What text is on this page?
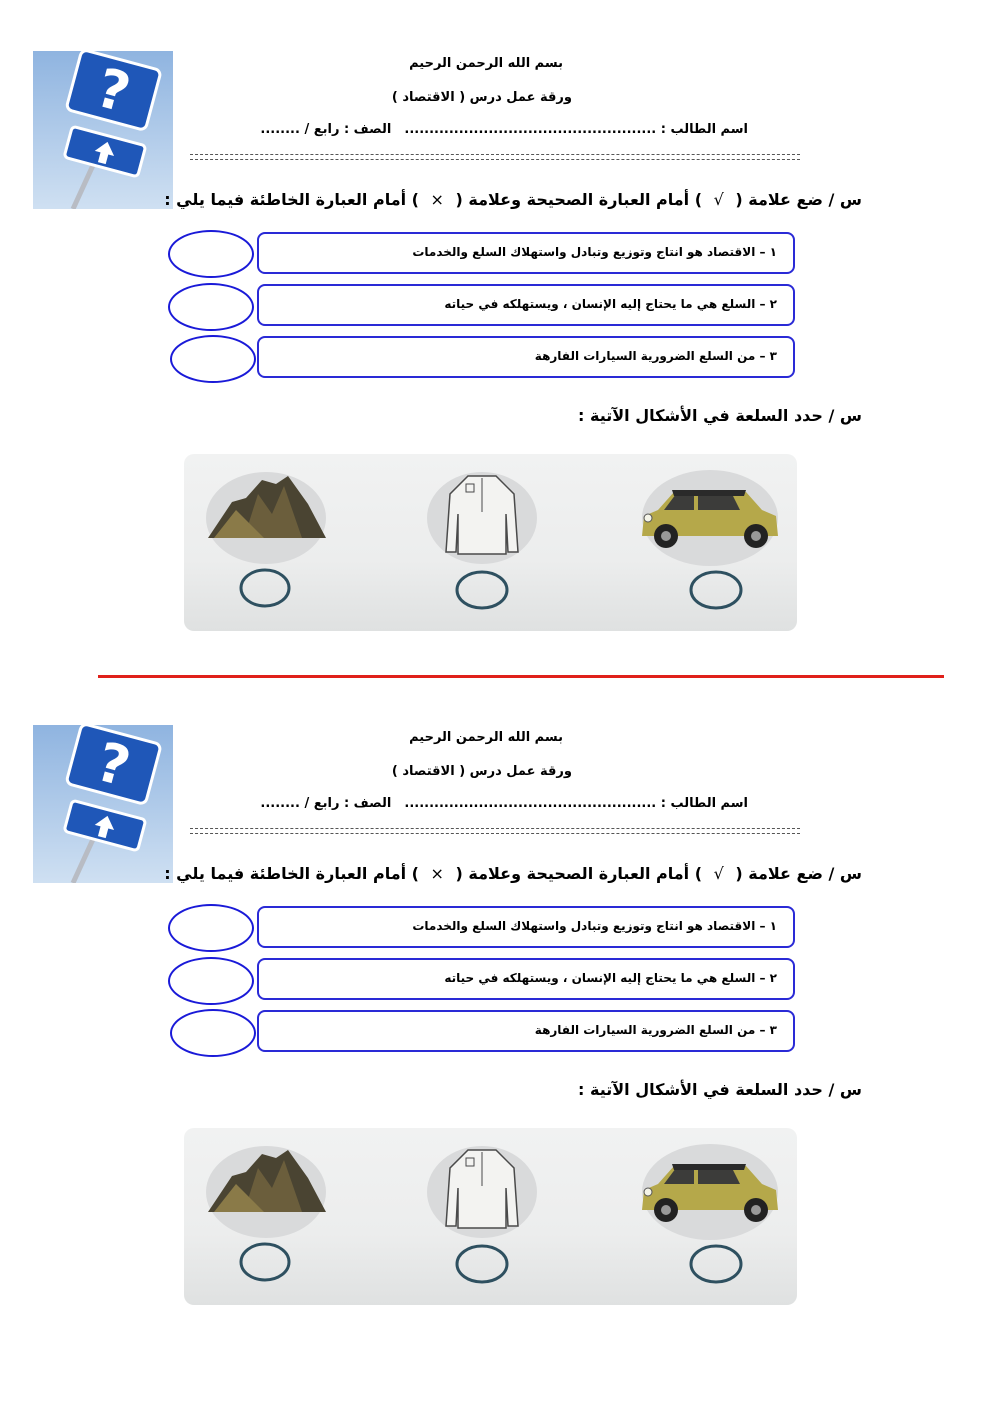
?	بسم الله الرحمن الرحيم
ورقة عمل درس ( الاقتصاد )
اسم الطالب : ...................................................  الصف : رابع / ........
س / ضع علامة ( √ ) أمام العبارة الصحيحة وعلامة ( × ) أمام العبارة الخاطئة فيما يلي :
١ – الاقتصاد هو انتاج وتوزيع وتبادل واستهلاك السلع والخدمات
٢ – السلع هي ما يحتاج إليه الإنسان ، ويستهلكه في حياته
٣ – من السلع الضرورية السيارات الفارهة
س / حدد السلعة في الأشكال الآتية :
?	بسم الله الرحمن الرحيم
ورقة عمل درس ( الاقتصاد )
اسم الطالب : ...................................................  الصف : رابع / ........
س / ضع علامة ( √ ) أمام العبارة الصحيحة وعلامة ( × ) أمام العبارة الخاطئة فيما يلي :
١ – الاقتصاد هو انتاج وتوزيع وتبادل واستهلاك السلع والخدمات
٢ – السلع هي ما يحتاج إليه الإنسان ، ويستهلكه في حياته
٣ – من السلع الضرورية السيارات الفارهة
س / حدد السلعة في الأشكال الآتية :
